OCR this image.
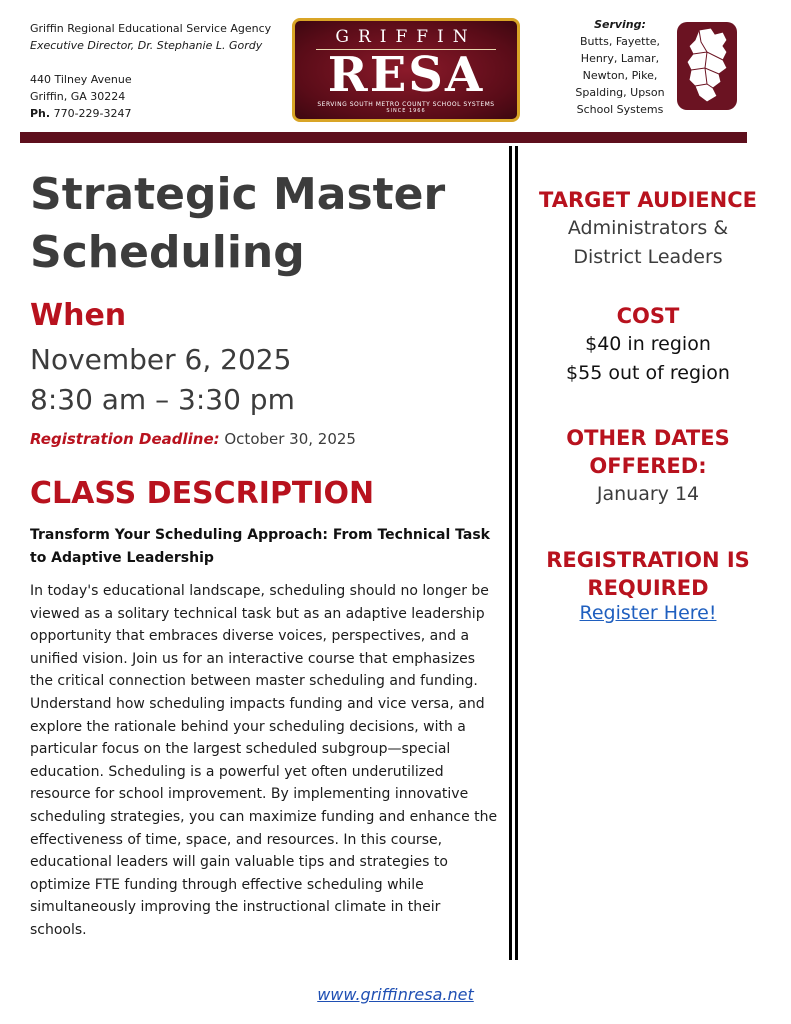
Griffin Regional Educational Service Agency
Executive Director, Dr. Stephanie L. Gordy
440 Tilney Avenue
Griffin, GA 30224
Ph. 770-229-3247
GRIFFIN
RESA
SERVING SOUTH METRO COUNTY SCHOOL SYSTEMS
SINCE 1966
Serving:
Butts, Fayette,
Henry, Lamar,
Newton, Pike,
Spalding, Upson
School Systems
Strategic Master
Scheduling
When
November 6, 2025
8:30 am – 3:30 pm
Registration Deadline: October 30, 2025
CLASS DESCRIPTION
Transform Your Scheduling Approach: From Technical Task to Adaptive Leadership
In today's educational landscape, scheduling should no longer be viewed as a solitary technical task but as an adaptive leadership opportunity that embraces diverse voices, perspectives, and a unified vision. Join us for an interactive course that emphasizes the critical connection between master scheduling and funding. Understand how scheduling impacts funding and vice versa, and explore the rationale behind your scheduling decisions, with a particular focus on the largest scheduled subgroup—special education. Scheduling is a powerful yet often underutilized resource for school improvement. By implementing innovative scheduling strategies, you can maximize funding and enhance the effectiveness of time, space, and resources. In this course, educational leaders will gain valuable tips and strategies to optimize FTE funding through effective scheduling while simultaneously improving the instructional climate in their schools.
TARGET AUDIENCE
Administrators &
District Leaders
COST
$40 in region
$55 out of region
OTHER DATES
OFFERED:
January 14
REGISTRATION IS
REQUIRED
Register Here!
www.griffinresa.net
